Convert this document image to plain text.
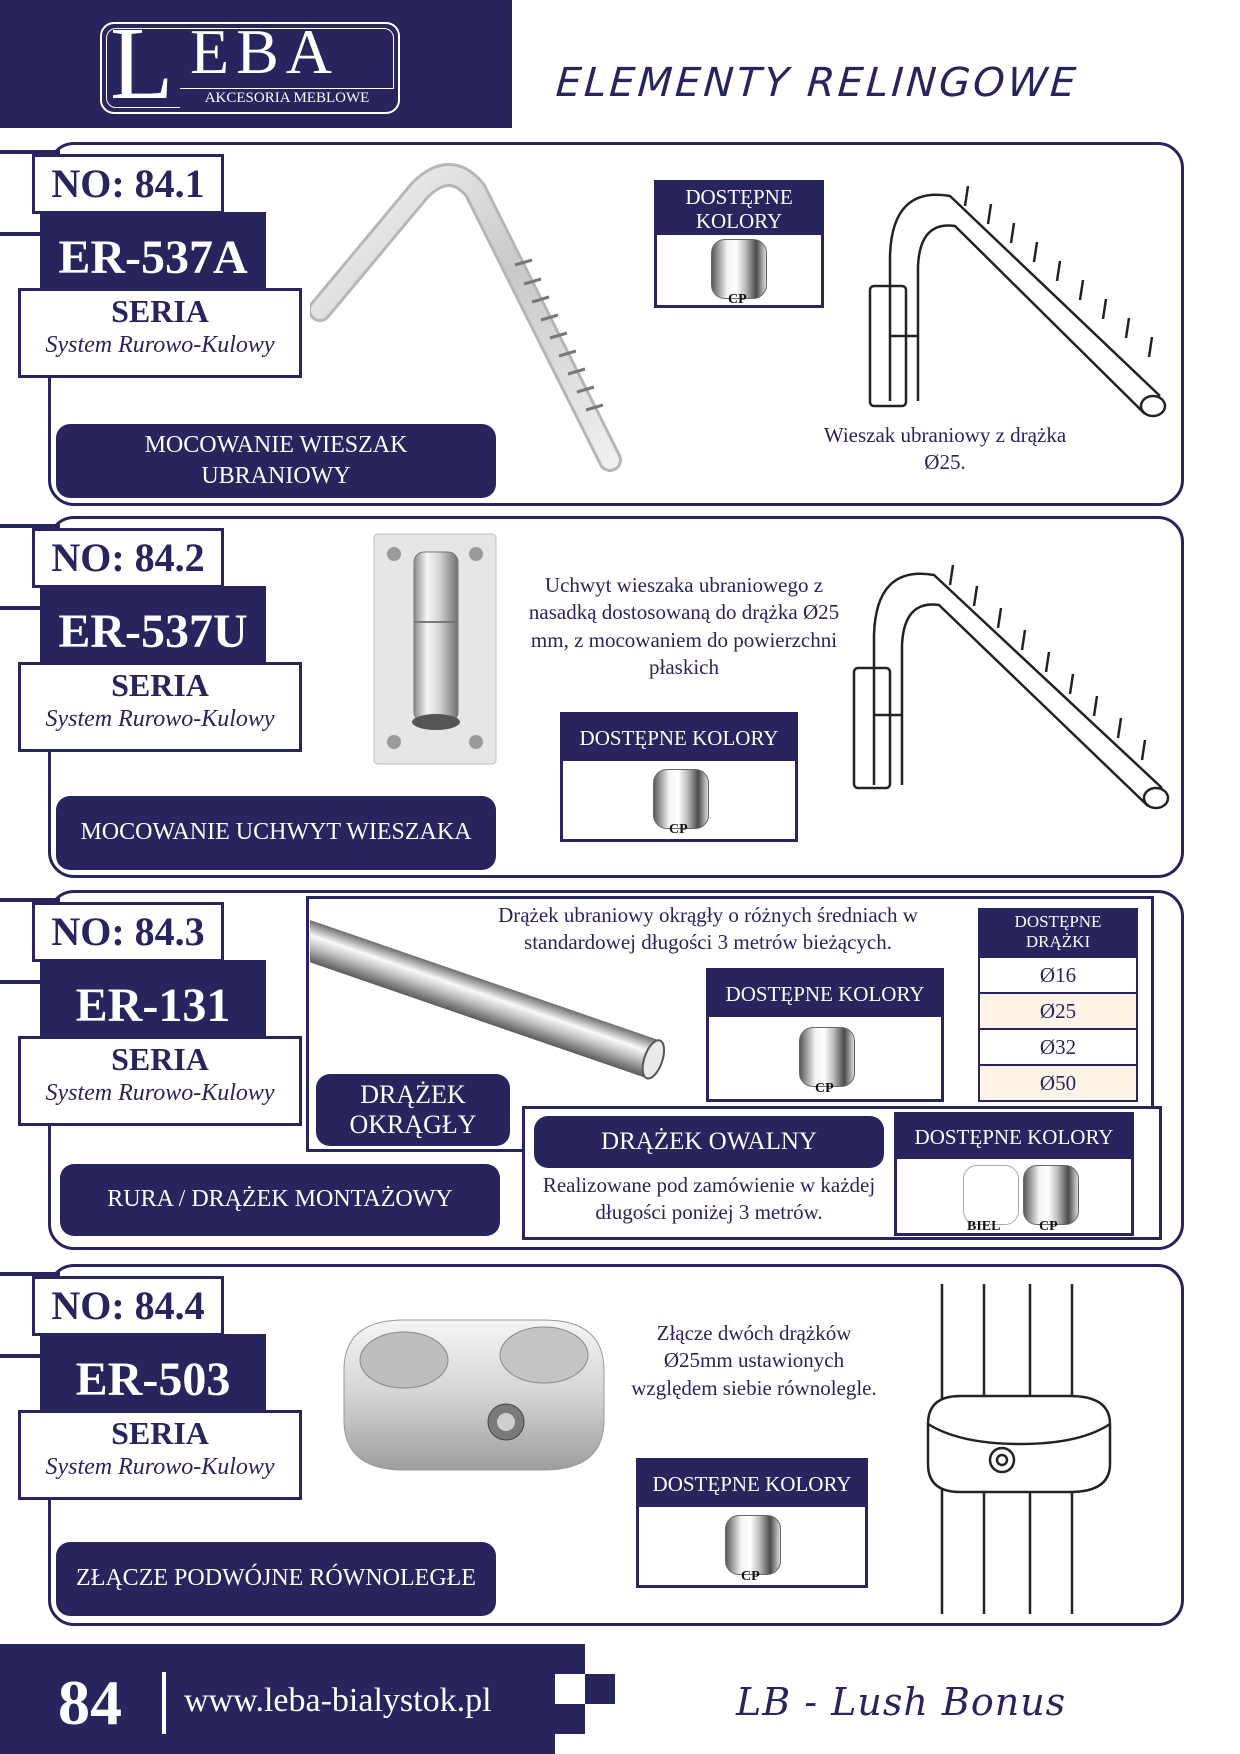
L EBA
AKCESORIA MEBLOWE	ELEMENTY RELINGOWE
NO: 84.1
ER-537A
SERIA
System Rurowo-Kulowy
MOCOWANIE WIESZAK UBRANIOWY
DOSTĘPNE KOLORY
CP
Wieszak ubraniowy z drążka Ø25.
NO: 84.2
ER-537U
SERIA
System Rurowo-Kulowy
MOCOWANIE UCHWYT WIESZAKA
Uchwyt wieszaka ubraniowego z nasadką dostosowaną do drążka Ø25 mm, z mocowaniem do powierzchni płaskich
DOSTĘPNE KOLORY
CP
NO: 84.3
ER-131
SERIA
System Rurowo-Kulowy
RURA / DRĄŻEK MONTAŻOWY
Drążek ubraniowy okrągły o różnych średniach w standardowej długości 3 metrów bieżących.
DOSTĘPNE KOLORY
CP
DOSTĘPNE DRĄŻKI
Ø16
Ø25
Ø32
Ø50
DRĄŻEK OKRĄGŁY
DRĄŻEK OWALNY
Realizowane pod zamówienie w każdej długości poniżej 3 metrów.
DOSTĘPNE KOLORY
BIEL	CP
NO: 84.4
ER-503
SERIA
System Rurowo-Kulowy
ZŁĄCZE PODWÓJNE RÓWNOLEGŁE
Złącze dwóch drążków Ø25mm ustawionych względem siebie równolegle.
DOSTĘPNE KOLORY
CP
84 www.leba-bialystok.pl	LB - Lush Bonus
